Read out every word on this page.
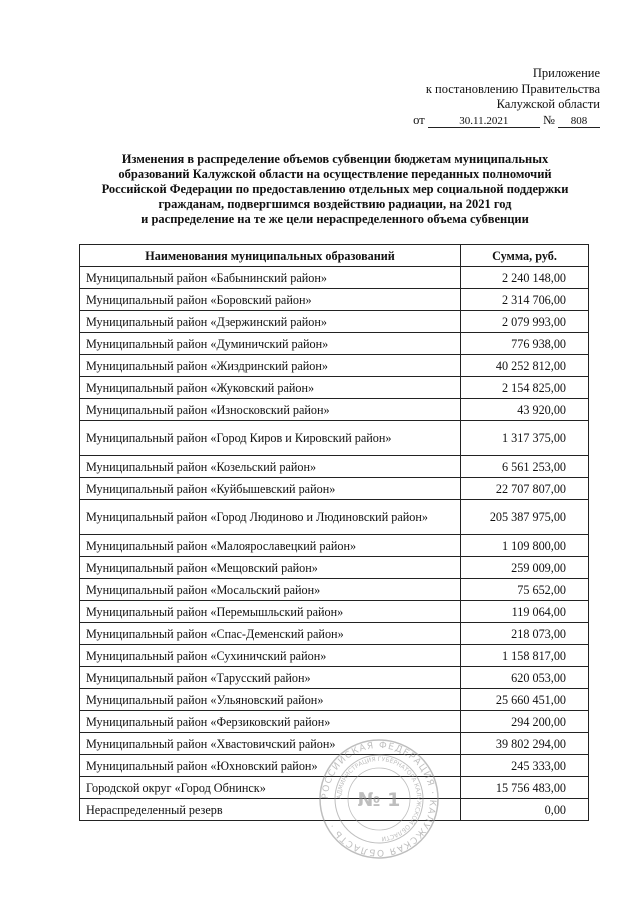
Приложение
к постановлению Правительства
Калужской области
от	30.11.2021	№ 808
Изменения в распределение объемов субвенции бюджетам муниципальных
образований Калужской области на осуществление переданных полномочий
Российской Федерации по предоставлению отдельных мер социальной поддержки
гражданам, подвергшимся воздействию радиации, на 2021 год
и распределение на те же цели нераспределенного объема субвенции
Наименования муниципальных образований	Сумма, руб.
Муниципальный район «Бабынинский район»	2 240 148,00
Муниципальный район «Боровский район»	2 314 706,00
Муниципальный район «Дзержинский район»	2 079 993,00
Муниципальный район «Думиничский район»	776 938,00
Муниципальный район «Жиздринский район»	40 252 812,00
Муниципальный район «Жуковский район»	2 154 825,00
Муниципальный район «Износковский район»	43 920,00
Муниципальный район «Город Киров и Кировский район»	1 317 375,00
Муниципальный район «Козельский район»	6 561 253,00
Муниципальный район «Куйбышевский район»	22 707 807,00
Муниципальный район «Город Людиново и Людиновский район»	205 387 975,00
Муниципальный район «Малоярославецкий район»	1 109 800,00
Муниципальный район «Мещовский район»	259 009,00
Муниципальный район «Мосальский район»	75 652,00
Муниципальный район «Перемышльский район»	119 064,00
Муниципальный район «Спас-Деменский район»	218 073,00
Муниципальный район «Сухиничский район»	1 158 817,00
Муниципальный район «Тарусский район»	620 053,00
Муниципальный район «Ульяновский район»	25 660 451,00
Муниципальный район «Ферзиковский район»	294 200,00
Муниципальный район «Хвастовичский район»	39 802 294,00
Муниципальный район «Юхновский район»	245 333,00
Городской округ «Город Обнинск»	15 756 483,00
Нераспределенный резерв	0,00
РОССИЙСКАЯ ФЕДЕРАЦИЯ · КАЛУЖСКАЯ ОБЛАСТЬ ·
АДМИНИСТРАЦИЯ ГУБЕРНАТОРА КАЛУЖСКОЙ ОБЛАСТИ
№ 1
